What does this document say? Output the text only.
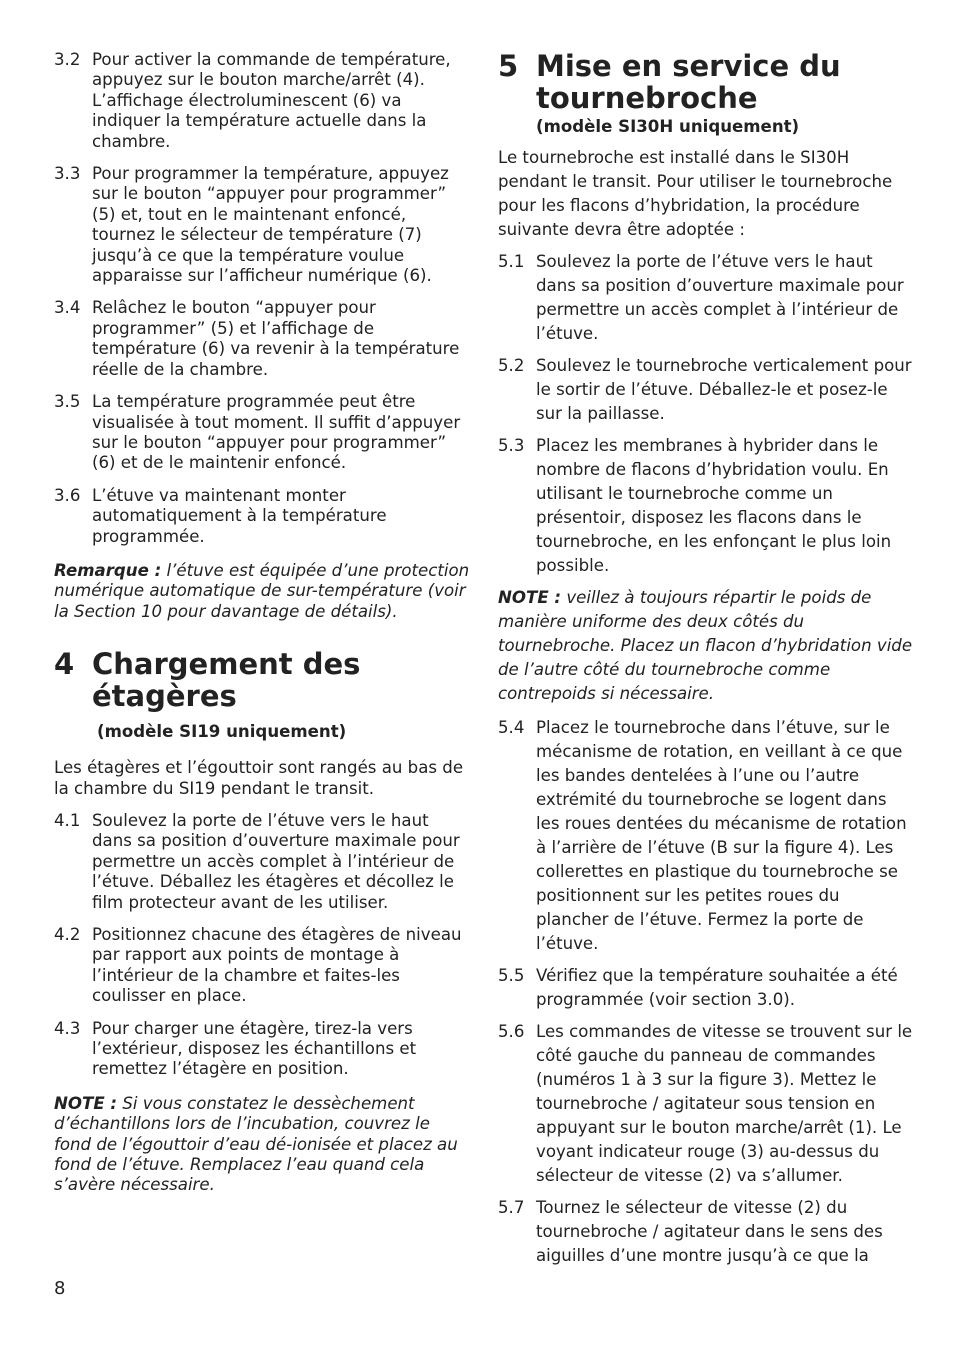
3.2 Pour activer la commande de température, appuyez sur le bouton marche/arrêt (4). L’affichage électroluminescent (6) va indiquer la température actuelle dans la chambre.
3.3 Pour programmer la température, appuyez sur le bouton “appuyer pour programmer” (5) et, tout en le maintenant enfoncé, tournez le sélecteur de température (7) jusqu’à ce que la température voulue apparaisse sur l’afficheur numérique (6).
3.4 Relâchez le bouton “appuyer pour programmer” (5) et l’affichage de température (6) va revenir à la température réelle de la chambre.
3.5 La température programmée peut être visualisée à tout moment. Il suffit d’appuyer sur le bouton “appuyer pour programmer” (6) et de le maintenir enfoncé.
3.6 L’étuve va maintenant monter automatiquement à la température programmée.

Remarque : l’étuve est équipée d’une protection numérique automatique de sur-température (voir la Section 10 pour davantage de détails).

4 Chargement des étagères
(modèle SI19 uniquement)
Les étagères et l’égouttoir sont rangés au bas de la chambre du SI19 pendant le transit.
4.1 Soulevez la porte de l’étuve vers le haut dans sa position d’ouverture maximale pour permettre un accès complet à l’intérieur de l’étuve. Déballez les étagères et décollez le film protecteur avant de les utiliser.
4.2 Positionnez chacune des étagères de niveau par rapport aux points de montage à l’intérieur de la chambre et faites-les coulisser en place.
4.3 Pour charger une étagère, tirez-la vers l’extérieur, disposez les échantillons et remettez l’étagère en position.

NOTE : Si vous constatez le dessèchement d’échantillons lors de l’incubation, couvrez le fond de l’égouttoir d’eau dé-ionisée et placez au fond de l’étuve. Remplacez l’eau quand cela s’avère nécessaire.

5 Mise en service du tournebroche
(modèle SI30H uniquement)
Le tournebroche est installé dans le SI30H pendant le transit. Pour utiliser le tournebroche pour les flacons d’hybridation, la procédure suivante devra être adoptée :
5.1 Soulevez la porte de l’étuve vers le haut dans sa position d’ouverture maximale pour permettre un accès complet à l’intérieur de l’étuve.
5.2 Soulevez le tournebroche verticalement pour le sortir de l’étuve. Déballez-le et posez-le sur la paillasse.
5.3 Placez les membranes à hybrider dans le nombre de flacons d’hybridation voulu. En utilisant le tournebroche comme un présentoir, disposez les flacons dans le tournebroche, en les enfonçant le plus loin possible.

NOTE : veillez à toujours répartir le poids de manière uniforme des deux côtés du tournebroche. Placez un flacon d’hybridation vide de l’autre côté du tournebroche comme contrepoids si nécessaire.

5.4 Placez le tournebroche dans l’étuve, sur le mécanisme de rotation, en veillant à ce que les bandes dentelées à l’une ou l’autre extrémité du tournebroche se logent dans les roues dentées du mécanisme de rotation à l’arrière de l’étuve (B sur la figure 4). Les collerettes en plastique du tournebroche se positionnent sur les petites roues du plancher de l’étuve. Fermez la porte de l’étuve.
5.5 Vérifiez que la température souhaitée a été programmée (voir section 3.0).
5.6 Les commandes de vitesse se trouvent sur le côté gauche du panneau de commandes (numéros 1 à 3 sur la figure 3). Mettez le tournebroche / agitateur sous tension en appuyant sur le bouton marche/arrêt (1). Le voyant indicateur rouge (3) au-dessus du sélecteur de vitesse (2) va s’allumer.
5.7 Tournez le sélecteur de vitesse (2) du tournebroche / agitateur dans le sens des aiguilles d’une montre jusqu’à ce que la
8
